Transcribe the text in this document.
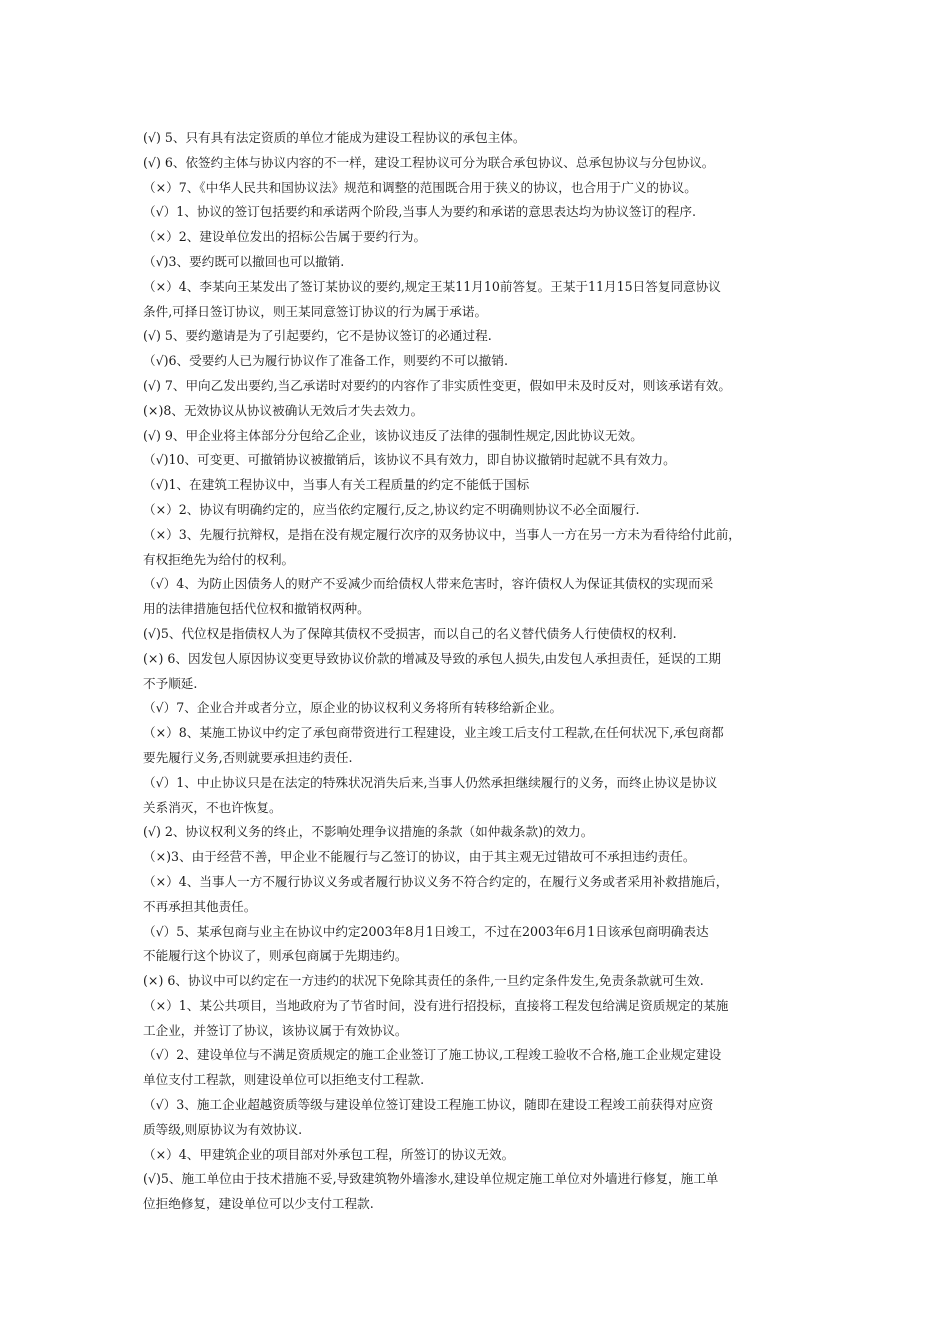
(√) 5、只有具有法定资质的单位才能成为建设工程协议的承包主体。
(√) 6、依签约主体与协议内容的不一样，建设工程协议可分为联合承包协议、总承包协议与分包协议。
（×）7、《中华人民共和国协议法》规范和调整的范围既合用于狭义的协议，也合用于广义的协议。
（√）1、协议的签订包括要约和承诺两个阶段,当事人为要约和承诺的意思表达均为协议签订的程序.
（×）2、建设单位发出的招标公告属于要约行为。
（√)3、要约既可以撤回也可以撤销.
（×）4、李某向王某发出了签订某协议的要约,规定王某11月10前答复。王某于11月15日答复同意协议
条件,可择日签订协议，则王某同意签订协议的行为属于承诺。
(√) 5、要约邀请是为了引起要约，它不是协议签订的必通过程.
（√)6、受要约人已为履行协议作了准备工作，则要约不可以撤销.
(√) 7、甲向乙发出要约,当乙承诺时对要约的内容作了非实质性变更，假如甲未及时反对，则该承诺有效。
(×)8、无效协议从协议被确认无效后才失去效力。
(√) 9、甲企业将主体部分分包给乙企业，该协议违反了法律的强制性规定,因此协议无效。
（√)10、可变更、可撤销协议被撤销后，该协议不具有效力，即自协议撤销时起就不具有效力。
（√)1、在建筑工程协议中，当事人有关工程质量的约定不能低于国标
（×）2、协议有明确约定的，应当依约定履行,反之,协议约定不明确则协议不必全面履行.
（×）3、先履行抗辩权，是指在没有规定履行次序的双务协议中，当事人一方在另一方未为看待给付此前，
有权拒绝先为给付的权利。
（√）4、为防止因债务人的财产不妥减少而给债权人带来危害时，容许债权人为保证其债权的实现而采
用的法律措施包括代位权和撤销权两种。
(√)5、代位权是指债权人为了保障其债权不受损害，而以自己的名义替代债务人行使债权的权利.
(×) 6、因发包人原因协议变更导致协议价款的增减及导致的承包人损失,由发包人承担责任，延误的工期
不予顺延.
（√）7、企业合并或者分立，原企业的协议权利义务将所有转移给新企业。
（×）8、某施工协议中约定了承包商带资进行工程建设，业主竣工后支付工程款,在任何状况下,承包商都
要先履行义务,否则就要承担违约责任.
（√）1、中止协议只是在法定的特殊状况消失后来,当事人仍然承担继续履行的义务，而终止协议是协议
关系消灭，不也许恢复。
(√) 2、协议权利义务的终止，不影响处理争议措施的条款（如仲裁条款)的效力。
（×)3、由于经营不善，甲企业不能履行与乙签订的协议，由于其主观无过错故可不承担违约责任。
（×）4、当事人一方不履行协议义务或者履行协议义务不符合约定的，在履行义务或者采用补救措施后，
不再承担其他责任。
（√）5、某承包商与业主在协议中约定2003年8月1日竣工，不过在2003年6月1日该承包商明确表达
不能履行这个协议了，则承包商属于先期违约。
(×) 6、协议中可以约定在一方违约的状况下免除其责任的条件,一旦约定条件发生,免责条款就可生效.
（×）1、某公共项目，当地政府为了节省时间，没有进行招投标，直接将工程发包给满足资质规定的某施
工企业，并签订了协议，该协议属于有效协议。
（√）2、建设单位与不满足资质规定的施工企业签订了施工协议,工程竣工验收不合格,施工企业规定建设
单位支付工程款，则建设单位可以拒绝支付工程款.
（√）3、施工企业超越资质等级与建设单位签订建设工程施工协议，随即在建设工程竣工前获得对应资
质等级,则原协议为有效协议.
（×）4、甲建筑企业的项目部对外承包工程，所签订的协议无效。
(√)5、施工单位由于技术措施不妥,导致建筑物外墙渗水,建设单位规定施工单位对外墙进行修复，施工单
位拒绝修复，建设单位可以少支付工程款.
